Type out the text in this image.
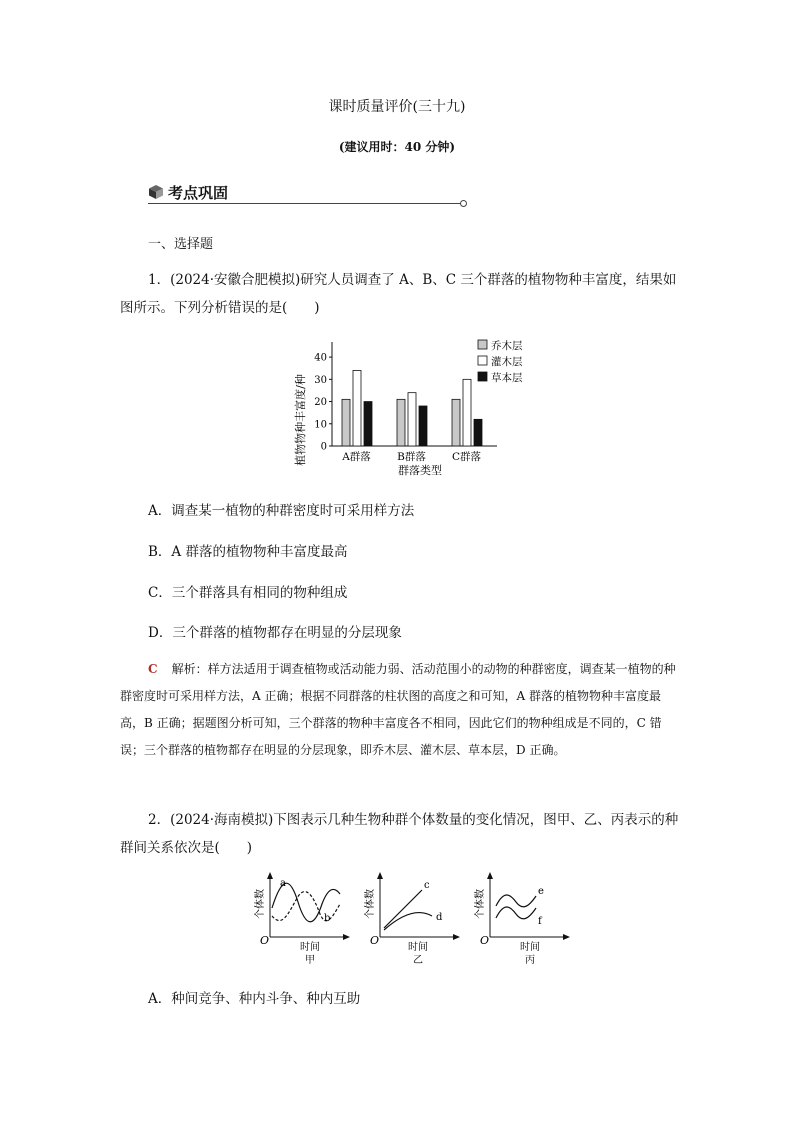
课时质量评价(三十九)
(建议用时：40 分钟)
考点巩固
一、选择题
1．(2024·安徽合肥模拟)研究人员调查了 A、B、C 三个群落的植物物种丰富度，结果如图所示。下列分析错误的是(　　)
0
10
20
30
40
A群落	B群落 C群落
乔木层
灌木层
草本层
植物物种丰富度/种
群落类型
A．调查某一植物的种群密度时可采用样方法
B．A 群落的植物物种丰富度最高
C．三个群落具有相同的物种组成
D．三个群落的植物都存在明显的分层现象
C 解析：样方法适用于调查植物或活动能力弱、活动范围小的动物的种群密度，调查某一植物的种群密度时可采用样方法，A 正确；根据不同群落的柱状图的高度之和可知，A 群落的植物物种丰富度最高，B 正确；据题图分析可知，三个群落的物种丰富度各不相同，因此它们的物种组成是不同的，C 错误；三个群落的植物都存在明显的分层现象，即乔木层、灌木层、草本层，D 正确。
2．(2024·海南模拟)下图表示几种生物种群个体数量的变化情况，图甲、乙、丙表示的种群间关系依次是(　　)
O
个体数
时间
甲
a
b
O
个体数
时间
乙
c
d
O
个体数
时间
丙
e
f
A．种间竞争、种内斗争、种内互助
